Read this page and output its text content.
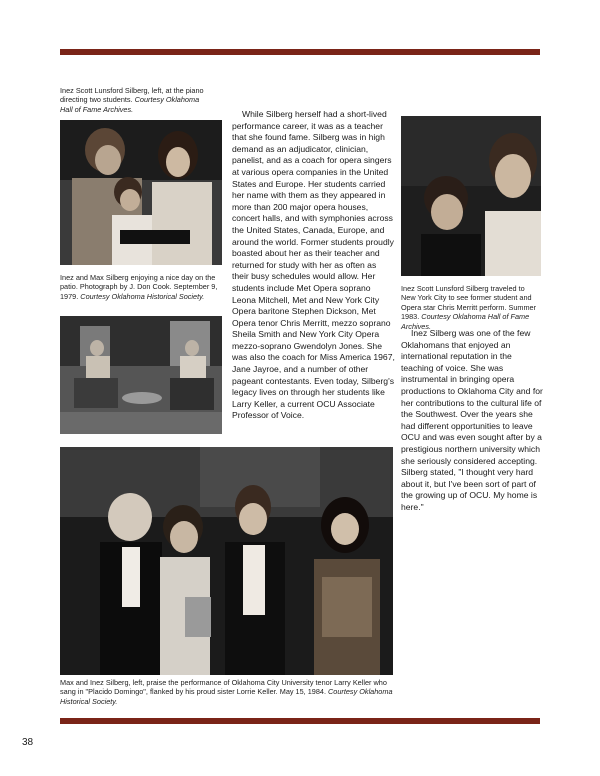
Inez Scott Lunsford Silberg, left, at the piano directing two students. Courtesy Oklahoma Hall of Fame Archives.

Inez and Max Silberg enjoying a nice day on the patio. Photograph by J. Don Cook. September 9, 1979. Courtesy Oklahoma Historical Society.

While Silberg herself had a short-lived performance career, it was as a teacher that she found fame. Silberg was in high demand as an adjudicator, clinician, panelist, and as a coach for opera singers at various opera companies in the United States and Europe. Her students carried her name with them as they appeared in more than 200 major opera houses, concert halls, and with symphonies across the United States, Canada, Europe, and around the world. Former students proudly boasted about her as their teacher and returned for study with her as often as their busy schedules would allow. Her students include Met Opera soprano Leona Mitchell, Met and New York City Opera baritone Stephen Dickson, Met Opera tenor Chris Merritt, mezzo soprano Sheila Smith and New York City Opera mezzo-soprano Gwendolyn Jones. She was also the coach for Miss America 1967, Jane Jayroe, and a number of other pageant contestants. Even today, Silberg's legacy lives on through her students like Larry Keller, a current OCU Associate Professor of Voice.

Inez Scott Lunsford Silberg traveled to New York City to see former student and Opera star Chris Merritt perform. Summer 1983. Courtesy Oklahoma Hall of Fame Archives.

Inez Silberg was one of the few Oklahomans that enjoyed an international reputation in the teaching of voice. She was instrumental in bringing opera productions to Oklahoma City and for her contributions to the cultural life of the Southwest. Over the years she had different opportunities to leave OCU and was even sought after by a prestigious northern university which she seriously considered accepting. Silberg stated, "I thought very hard about it, but I've been sort of part of the growing up of OCU. My home is here."

Max and Inez Silberg, left, praise the performance of Oklahoma City University tenor Larry Keller who sang in "Placido Domingo", flanked by his proud sister Lorrie Keller. May 15, 1984. Courtesy Oklahoma Historical Society.

38
